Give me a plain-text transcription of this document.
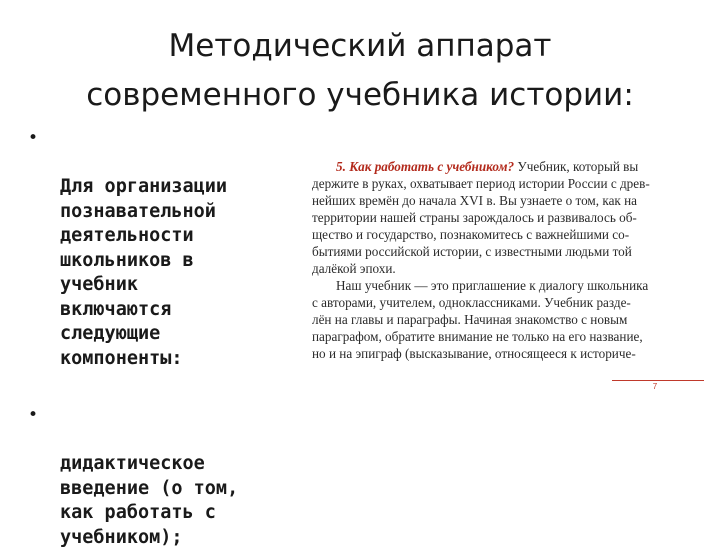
Методический аппарат
современного учебника истории:

•

Для организации
познавательной
деятельности
школьников в
учебник
включаются
следующие
компоненты:

•

дидактическое
введение (о том,
как работать с
учебником);

5. Как работать с учебником? Учебник, который вы
держите в руках, охватывает период истории России с древ-
нейших времён до начала XVI в. Вы узнаете о том, как на
территории нашей страны зарождалось и развивалось об-
щество и государство, познакомитесь с важнейшими со-
бытиями российской истории, с известными людьми той
далёкой эпохи.
Наш учебник — это приглашение к диалогу школьника
с авторами, учителем, одноклассниками. Учебник разде-
лён на главы и параграфы. Начиная знакомство с новым
параграфом, обратите внимание не только на его название,
но и на эпиграф (высказывание, относящееся к историче-
7
